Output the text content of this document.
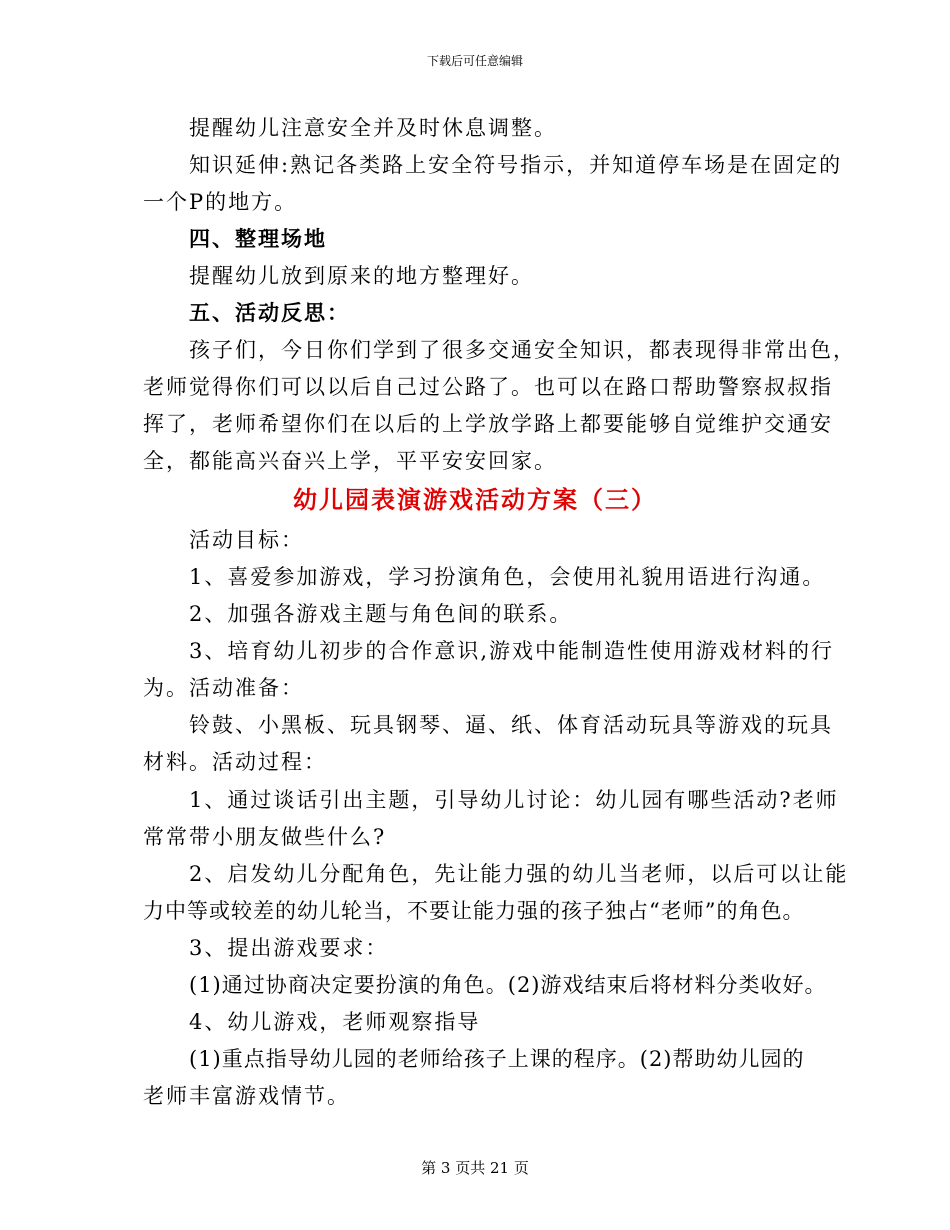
下载后可任意编辑
提醒幼儿注意安全并及时休息调整。
知识延伸:熟记各类路上安全符号指示，并知道停车场是在固定的
一个P的地方。
四、整理场地
提醒幼儿放到原来的地方整理好。
五、活动反思：
孩子们，今日你们学到了很多交通安全知识，都表现得非常出色，
老师觉得你们可以以后自己过公路了。也可以在路口帮助警察叔叔指
挥了，老师希望你们在以后的上学放学路上都要能够自觉维护交通安
全，都能高兴奋兴上学，平平安安回家。
幼儿园表演游戏活动方案（三）
活动目标：
1、喜爱参加游戏，学习扮演角色，会使用礼貌用语进行沟通。
2、加强各游戏主题与角色间的联系。
3、培育幼儿初步的合作意识,游戏中能制造性使用游戏材料的行
为。活动准备：
铃鼓、小黑板、玩具钢琴、逼、纸、体育活动玩具等游戏的玩具
材料。活动过程：
1、通过谈话引出主题，引导幼儿讨论：幼儿园有哪些活动?老师
常常带小朋友做些什么?
2、启发幼儿分配角色，先让能力强的幼儿当老师，以后可以让能
力中等或较差的幼儿轮当，不要让能力强的孩子独占“老师”的角色。
3、提出游戏要求：
(1)通过协商决定要扮演的角色。(2)游戏结束后将材料分类收好。
4、幼儿游戏，老师观察指导
(1)重点指导幼儿园的老师给孩子上课的程序。(2)帮助幼儿园的
老师丰富游戏情节。
第 3 页共 21 页
